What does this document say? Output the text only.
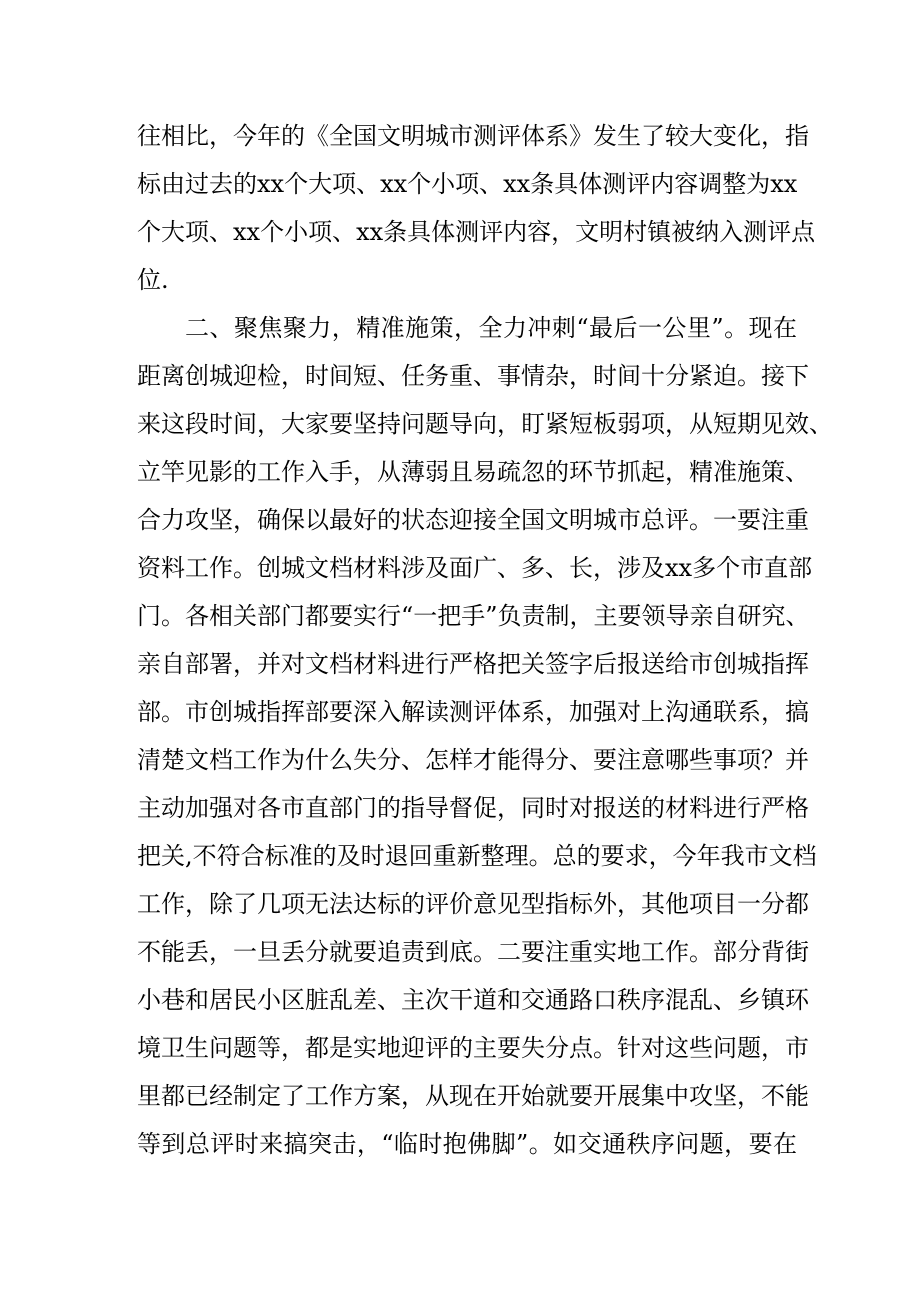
往相比，今年的《全国文明城市测评体系》发生了较大变化，指
标由过去的xx个大项、xx个小项、xx条具体测评内容调整为xx
个大项、xx个小项、xx条具体测评内容，文明村镇被纳入测评点
位.
二、聚焦聚力，精准施策，全力冲刺“最后一公里”。现在
距离创城迎检，时间短、任务重、事情杂，时间十分紧迫。接下
来这段时间，大家要坚持问题导向，盯紧短板弱项，从短期见效、
立竿见影的工作入手，从薄弱且易疏忽的环节抓起，精准施策、
合力攻坚，确保以最好的状态迎接全国文明城市总评。一要注重
资料工作。创城文档材料涉及面广、多、长，涉及xx多个市直部
门。各相关部门都要实行“一把手”负责制，主要领导亲自研究、
亲自部署，并对文档材料进行严格把关签字后报送给市创城指挥
部。市创城指挥部要深入解读测评体系，加强对上沟通联系，搞
清楚文档工作为什么失分、怎样才能得分、要注意哪些事项？并
主动加强对各市直部门的指导督促，同时对报送的材料进行严格
把关,不符合标准的及时退回重新整理。总的要求，今年我市文档
工作，除了几项无法达标的评价意见型指标外，其他项目一分都
不能丢，一旦丢分就要追责到底。二要注重实地工作。部分背街
小巷和居民小区脏乱差、主次干道和交通路口秩序混乱、乡镇环
境卫生问题等，都是实地迎评的主要失分点。针对这些问题，市
里都已经制定了工作方案，从现在开始就要开展集中攻坚，不能
等到总评时来搞突击，“临时抱佛脚”。如交通秩序问题，要在
